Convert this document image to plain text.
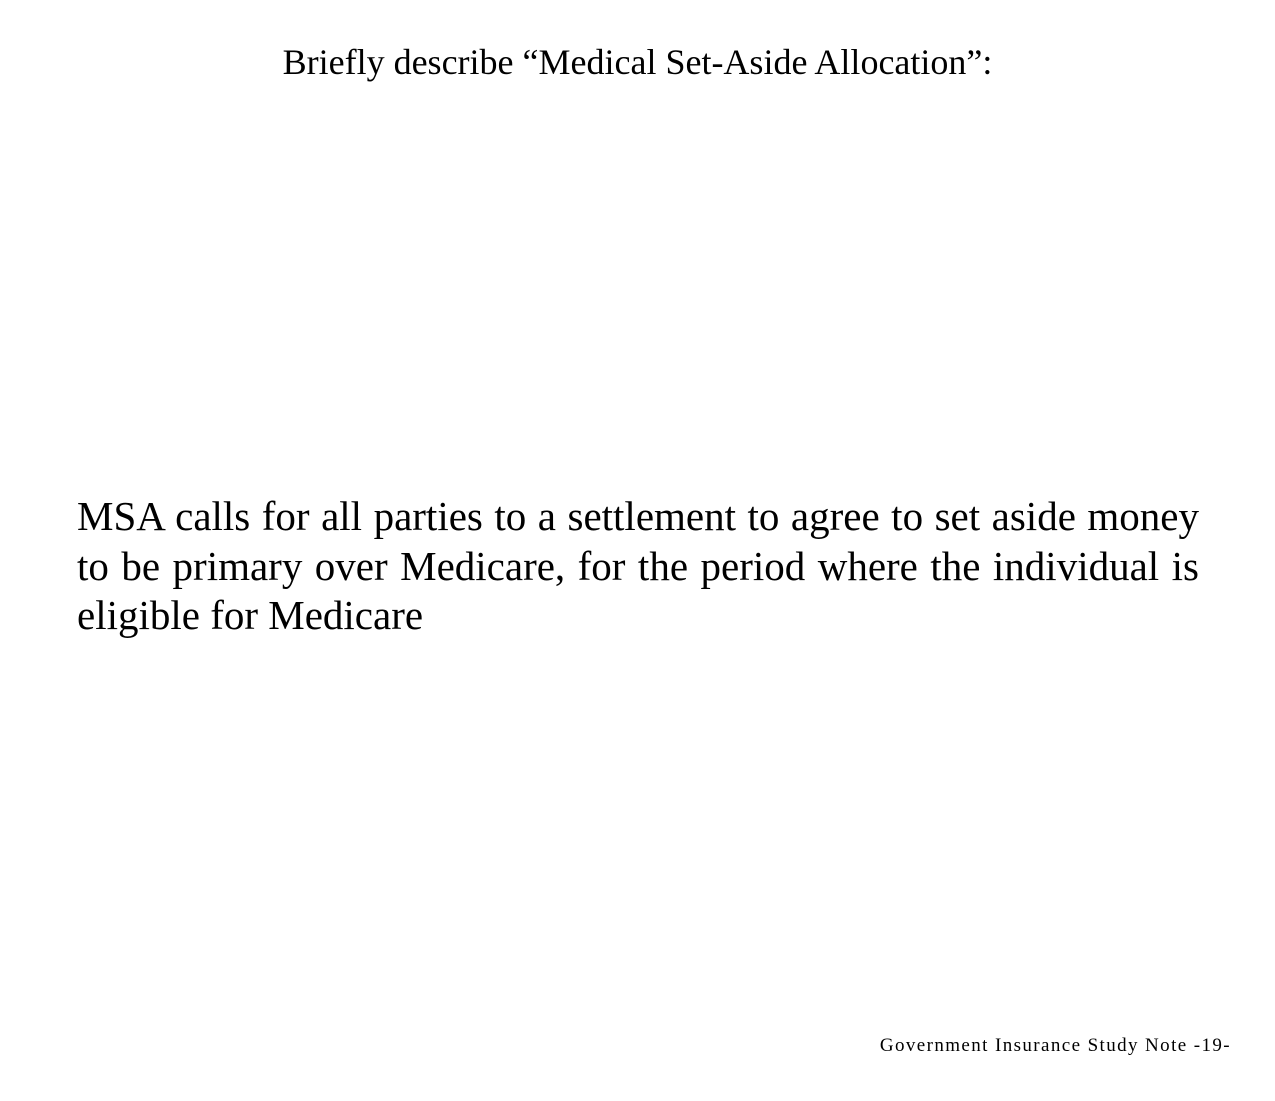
Briefly describe “Medical Set-Aside Allocation”:

MSA calls for all parties to a settlement to agree to set aside money to be primary over Medicare, for the period where the individual is eligible for Medicare

Government Insurance Study Note -19-
